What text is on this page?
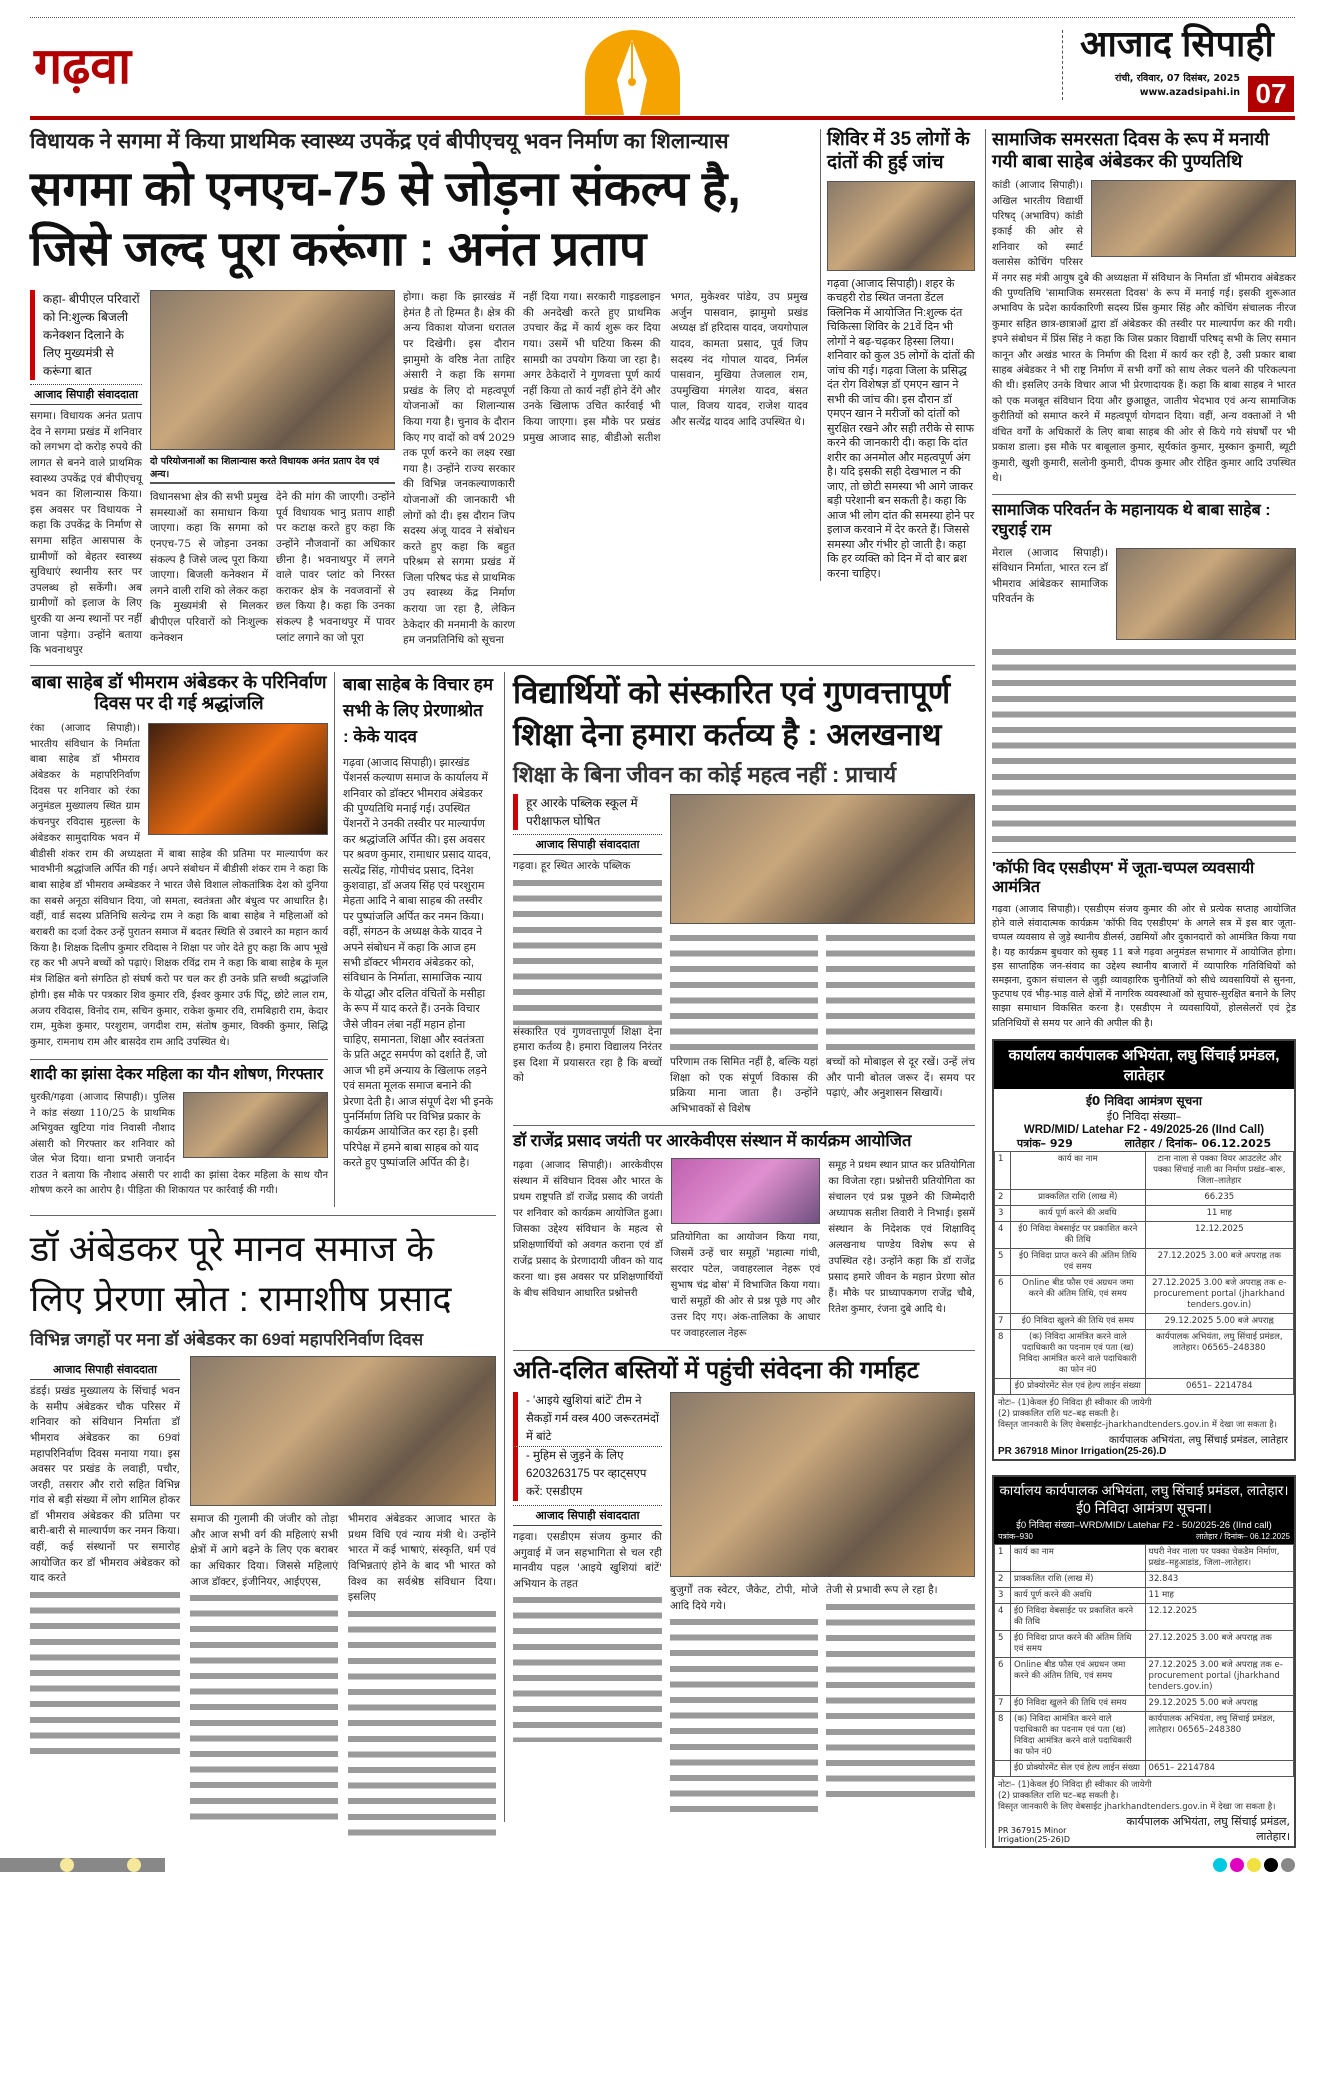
गढ़वा	आजाद सिपाही
रांची, रविवार, 07 दिसंबर, 2025
www.azadsipahi.in 07
विधायक ने सगमा में किया प्राथमिक स्वास्थ्य उपकेंद्र एवं बीपीएचयू भवन निर्माण का शिलान्यास
सगमा को एनएच-75 से जोड़ना संकल्प है, जिसे जल्द पूरा करूंगा : अनंत प्रताप
कहा- बीपीएल परिवारों को नि:शुल्क बिजली कनेक्शन दिलाने के लिए मुख्यमंत्री से करूंगा बात
आजाद सिपाही संवाददाता
सगमा। विधायक अनंत प्रताप देव ने सगमा प्रखंड में शनिवार को लगभग दो करोड़ रुपये की लागत से बनने वाले प्राथमिक स्वास्थ्य उपकेंद्र एवं बीपीएचयू भवन का शिलान्यास किया। इस अवसर पर विधायक ने कहा कि उपकेंद्र के निर्माण से सगमा सहित आसपास के ग्रामीणों को बेहतर स्वास्थ्य सुविधाएं स्थानीय स्तर पर उपलब्ध हो सकेंगी। अब ग्रामीणों को इलाज के लिए धुरकी या अन्य स्थानों पर नहीं जाना पड़ेगा। उन्होंने बताया कि भवनाथपुर
दो परियोजनाओं का शिलान्यास करते विधायक अनंत प्रताप देव एवं अन्य।
विधानसभा क्षेत्र की सभी प्रमुख समस्याओं का समाधान किया जाएगा। कहा कि सगमा को एनएच-75 से जोड़ना उनका संकल्प है जिसे जल्द पूरा किया जाएगा। बिजली कनेक्शन में लगने वाली राशि को लेकर कहा कि मुख्यमंत्री से मिलकर बीपीएल परिवारों को निःशुल्क कनेक्शन
देने की मांग की जाएगी। उन्होंने पूर्व विधायक भानु प्रताप शाही पर कटाक्ष करते हुए कहा कि उन्होंने नौजवानों का अधिकार छीना है। भवनाथपुर में लगने वाले पावर प्लांट को निरस्त कराकर क्षेत्र के नवजवानों से छल किया है। कहा कि उनका संकल्प है भवनाथपुर में पावर प्लांट लगाने का जो पूरा
होगा। कहा कि झारखंड में हेमंत है तो हिम्मत है। क्षेत्र की अन्य विकाश योजना धरातल पर दिखेगी। इस दौरान झामुमो के वरिष्ठ नेता ताहिर अंसारी ने कहा कि सगमा प्रखंड के लिए दो महत्वपूर्ण योजनाओं का शिलान्यास किया गया है। चुनाव के दौरान किए गए वादों को वर्ष 2029 तक पूर्ण करने का लक्ष्य रखा गया है। उन्होंने राज्य सरकार की विभिन्न जनकल्याणकारी योजनाओं की जानकारी भी लोगों को दी। इस दौरान जिप सदस्य अंजू यादव ने संबोधन करते हुए कहा कि बहुत परिश्रम से सगमा प्रखंड में जिला परिषद फंड से प्राथमिक उप स्वास्थ्य केंद्र निर्माण कराया जा रहा है, लेकिन ठेकेदार की मनमानी के कारण हम जनप्रतिनिधि को सूचना
नहीं दिया गया। सरकारी गाइडलाइन की अनदेखी करते हुए प्राथमिक उपचार केंद्र में कार्य शुरू कर दिया गया। उसमें भी घटिया किस्म की सामग्री का उपयोग किया जा रहा है। अगर ठेकेदारों ने गुणवत्ता पूर्ण कार्य नहीं किया तो कार्य नहीं होने देंगे और उनके खिलाफ उचित कार्रवाई भी किया जाएगा। इस मौके पर प्रखंड प्रमुख आजाद साह, बीडीओ सतीश भगत, मुकेश्वर पांडेय, उप प्रमुख अर्जुन पासवान, झामुमो प्रखंड अध्यक्ष डॉ हरिदास यादव, जयगोपाल यादव, कामता प्रसाद, पूर्व जिप सदस्य नंद गोपाल यादव, निर्मल पासवान, मुखिया तेजलाल राम, उपमुखिया मंगलेश यादव, बंसत पाल, विजय यादव, राजेश यादव और सत्येंद्र यादव आदि उपस्थित थे।
शिविर में 35 लोगों के दांतों की हुई जांच
गढ़वा (आजाद सिपाही)। शहर के कचहरी रोड स्थित जनता डेंटल क्लिनिक में आयोजित नि:शुल्क दंत चिकित्सा शिविर के 21वें दिन भी लोगों ने बढ़-चढ़कर हिस्सा लिया। शनिवार को कुल 35 लोगों के दांतों की जांच की गई। गढ़वा जिला के प्रसिद्ध दंत रोग विशेषज्ञ डॉ एमएन खान ने सभी की जांच की। इस दौरान डॉ एमएन खान ने मरीजों को दांतों को सुरक्षित रखने और सही तरीके से साफ करने की जानकारी दी। कहा कि दांत शरीर का अनमोल और महत्वपूर्ण अंग है। यदि इसकी सही देखभाल न की जाए, तो छोटी समस्या भी आगे जाकर बड़ी परेशानी बन सकती है। कहा कि आज भी लोग दांत की समस्या होने पर इलाज करवाने में देर करते हैं। जिससे समस्या और गंभीर हो जाती है। कहा कि हर व्यक्ति को दिन में दो बार ब्रश करना चाहिए।
बाबा साहेब डॉ भीमराम अंबेडकर के परिनिर्वाण दिवस पर दी गई श्रद्धांजलि
रंका (आजाद सिपाही)। भारतीय संविधान के निर्माता बाबा साहेब डॉ भीमराव अंबेडकर के महापरिनिर्वाण दिवस पर शनिवार को रंका अनुमंडल मुख्यालय स्थित ग्राम कंचनपुर रविदास मुहल्ला के अंबेडकर सामुदायिक भवन में बीडीसी शंकर राम की अध्यक्षता में बाबा साहेब की प्रतिमा पर माल्यार्पण कर भावभीनी श्रद्धांजलि अर्पित की गई। अपने संबोधन में बीडीसी शंकर राम ने कहा कि बाबा साहेब डॉ भीमराव अम्बेडकर ने भारत जैसे विशाल लोकतांत्रिक देश को दुनिया का सबसे अनूठा संविधान दिया, जो समता, स्वतंत्रता और बंधुत्व पर आधारित है। वहीं, वार्ड सदस्य प्रतिनिधि सत्येन्द्र राम ने कहा कि बाबा साहेब ने महिलाओं को बराबरी का दर्जा देकर उन्हें पुरातन समाज में बदतर स्थिति से उबारने का महान कार्य किया है। शिक्षक दिलीप कुमार रविदास ने शिक्षा पर जोर देते हुए कहा कि आप भूखे रह कर भी अपने बच्चों को पढ़ाएं। शिक्षक रविंद्र राम ने कहा कि बाबा साहेब के मूल मंत्र शिक्षित बनो संगठित हो संघर्ष करो पर चल कर ही उनके प्रति सच्ची श्रद्धांजलि होगी। इस मौके पर पत्रकार शिव कुमार रवि, ईश्वर कुमार उर्फ पिंटू, छोटे लाल राम, अजय रविदास, विनोद राम, सचिन कुमार, राकेश कुमार रवि, रामबिहारी राम, केदार राम, मुकेश कुमार, परशुराम, जगदीश राम, संतोष कुमार, विक्की कुमार, सिद्धि कुमार, रामनाथ राम और बासदेव राम आदि उपस्थित थे।
शादी का झांसा देकर महिला का यौन शोषण, गिरफ्तार
धुरकी/गढ़वा (आजाद सिपाही)। पुलिस ने कांड संख्या 110/25 के प्राथमिक अभियुक्त खुटिया गांव निवासी नौशाद अंसारी को गिरफ्तार कर शनिवार को जेल भेज दिया। थाना प्रभारी जनार्दन राउत ने बताया कि नौशाद अंसारी पर शादी का झांसा देकर महिला के साथ यौन शोषण करने का आरोप है। पीड़िता की शिकायत पर कार्रवाई की गयी।
बाबा साहेब के विचार हम सभी के लिए प्रेरणाश्रोत : केके यादव
गढ़वा (आजाद सिपाही)। झारखंड पेंशनर्स कल्याण समाज के कार्यालय में शनिवार को डॉक्टर भीमराव अंबेडकर की पुण्यतिथि मनाई गई। उपस्थित पेंशनरों ने उनकी तस्वीर पर माल्यार्पण कर श्रद्धांजलि अर्पित की। इस अवसर पर श्रवण कुमार, रामाधार प्रसाद यादव, सत्येंद्र सिंह, गोपीचंद प्रसाद, दिनेश कुशवाहा, डॉ अजय सिंह एवं परशुराम मेहता आदि ने बाबा साहब की तस्वीर पर पुष्पांजलि अर्पित कर नमन किया। वहीं, संगठन के अध्यक्ष केके यादव ने अपने संबोधन में कहा कि आज हम सभी डॉक्टर भीमराव अंबेडकर को, संविधान के निर्माता, सामाजिक न्याय के योद्धा और दलित वंचितों के मसीहा के रूप में याद करते हैं। उनके विचार जैसे जीवन लंबा नहीं महान होना चाहिए, समानता, शिक्षा और स्वतंत्रता के प्रति अटूट समर्पण को दर्शाते हैं, जो आज भी हमें अन्याय के खिलाफ लड़ने एवं समता मूलक समाज बनाने की प्रेरणा देती है। आज संपूर्ण देश भी इनके पुनर्निर्माण तिथि पर विभिन्न प्रकार के कार्यक्रम आयोजित कर रहा है। इसी परिपेक्ष में हमने बाबा साहब को याद करते हुए पुष्पांजलि अर्पित की है।
डॉ अंबेडकर पूरे मानव समाज के लिए प्रेरणा स्रोत : रामाशीष प्रसाद
विभिन्न जगहों पर मना डॉ अंबेडकर का 69वां महापरिनिर्वाण दिवस
आजाद सिपाही संवाददाता
डंडई। प्रखंड मुख्यालय के सिंचाई भवन के समीप अंबेडकर चौक परिसर में शनिवार को संविधान निर्माता डॉ भीमराव अंबेडकर का 69वां महापरिनिर्वाण दिवस मनाया गया। इस अवसर पर प्रखंड के लवाही, पचौर, जरही, तसरार और रारो सहित विभिन्न गांव से बड़ी संख्या में लोग शामिल होकर डॉ भीमराव अंबेडकर की प्रतिमा पर बारी-बारी से माल्यार्पण कर नमन किया। वहीं, कई संस्थानों पर समारोह आयोजित कर डॉ भीमराव अंबेडकर को याद करते
समाज की गुलामी की जंजीर को तोड़ा और आज सभी वर्ग की महिलाएं सभी क्षेत्रों में आगे बढ़ने के लिए एक बराबर का अधिकार दिया। जिससे महिलाएं आज डॉक्टर, इंजीनियर, आईएएस,
भीमराव अंबेडकर आजाद भारत के प्रथम विधि एवं न्याय मंत्री थे। उन्होंने भारत में कई भाषाएं, संस्कृति, धर्म एवं विभिन्नताएं होने के बाद भी भारत को विश्व का सर्वश्रेष्ठ संविधान दिया। इसलिए
विद्यार्थियों को संस्कारित एवं गुणवत्तापूर्ण शिक्षा देना हमारा कर्तव्य है : अलखनाथ
शिक्षा के बिना जीवन का कोई महत्व नहीं : प्राचार्य
हूर आरके पब्लिक स्कूल में परीक्षाफल घोषित
आजाद सिपाही संवाददाता
गढ़वा। हूर स्थित आरके पब्लिक
संस्कारित एवं गुणवत्तापूर्ण शिक्षा देना हमारा कर्तव्य है। हमारा विद्यालय निरंतर इस दिशा में प्रयासरत रहा है कि बच्चों को
परिणाम तक सिमित नहीं है, बल्कि यहां शिक्षा को एक संपूर्ण विकास की प्रक्रिया माना जाता है। उन्होंने अभिभावकों से विशेष
बच्चों को मोबाइल से दूर रखें। उन्हें लंच और पानी बोतल जरूर दें। समय पर पढ़ाएं, और अनुशासन सिखायें।
डॉ राजेंद्र प्रसाद जयंती पर आरकेवीएस संस्थान में कार्यक्रम आयोजित
गढ़वा (आजाद सिपाही)। आरकेवीएस संस्थान में संविधान दिवस और भारत के प्रथम राष्ट्रपति डॉ राजेंद्र प्रसाद की जयंती पर शनिवार को कार्यक्रम आयोजित हुआ। जिसका उद्देश्य संविधान के महत्व से प्रशिक्षणार्थियों को अवगत कराना एवं डॉ राजेंद्र प्रसाद के प्रेरणादायी जीवन को याद करना था। इस अवसर पर प्रशिक्षणार्थियों के बीच संविधान आधारित प्रश्नोत्तरी
प्रतियोगिता का आयोजन किया गया, जिसमें उन्हें चार समूहों 'महात्मा गांधी, सरदार पटेल, जवाहरलाल नेहरू एवं सुभाष चंद्र बोस' में विभाजित किया गया। चारों समूहों की ओर से प्रश्न पूछे गए और उत्तर दिए गए। अंक-तालिका के आधार पर जवाहरलाल नेहरू
समूह ने प्रथम स्थान प्राप्त कर प्रतियोगिता का विजेता रहा। प्रश्नोत्तरी प्रतियोगिता का संचालन एवं प्रश्न पूछने की जिम्मेदारी अध्यापक सतीश तिवारी ने निभाई। इसमें संस्थान के निदेशक एवं शिक्षाविद् अलखनाथ पाण्डेय विशेष रूप से उपस्थित रहे। उन्होंने कहा कि डॉ राजेंद्र प्रसाद हमारे जीवन के महान प्रेरणा स्रोत हैं। मौके पर प्राध्यापकगण राजेंद्र चौबे, रितेश कुमार, रंजना दुबे आदि थे।
अति-दलित बस्तियों में पहुंची संवेदना की गर्माहट
- 'आइये खुशियां बांटें' टीम ने सैकड़ों गर्म वस्त्र 400 जरूरतमंदों में बांटे
- मुहिम से जुड़ने के लिए 6203263175 पर व्हाट्सएप करें: एसडीएम
आजाद सिपाही संवाददाता
गढ़वा। एसडीएम संजय कुमार की अगुवाई में जन सहभागिता से चल रही मानवीय पहल 'आइये खुशियां बांटें' अभियान के तहत
बुजुर्गों तक स्वेटर, जैकेट, टोपी, मोजे आदि दिये गये।
तेजी से प्रभावी रूप ले रहा है।
सामाजिक समरसता दिवस के रूप में मनायी गयी बाबा साहेब अंबेडकर की पुण्यतिथि
कांडी (आजाद सिपाही)। अखिल भारतीय विद्यार्थी परिषद् (अभाविप) कांडी इकाई की ओर से शनिवार को स्मार्ट क्लासेस कोचिंग परिसर में नगर सह मंत्री आयुष दुबे की अध्यक्षता में संविधान के निर्माता डॉ भीमराव अंबेडकर की पुण्यतिथि 'सामाजिक समरसता दिवस' के रूप में मनाई गई। इसकी शुरूआत अभाविप के प्रदेश कार्यकारिणी सदस्य प्रिंस कुमार सिंह और कोचिंग संचालक नीरज कुमार सहित छात्र-छात्राओं द्वारा डॉ अंबेडकर की तस्वीर पर माल्यार्पण कर की गयी। इपने संबोधन में प्रिंस सिंह ने कहा कि जिस प्रकार विद्यार्थी परिषद् सभी के लिए समान कानून और अखंड भारत के निर्माण की दिशा में कार्य कर रही है, उसी प्रकार बाबा साहब अंबेडकर ने भी राष्ट्र निर्माण में सभी वर्गों को साथ लेकर चलने की परिकल्पना की थी। इसलिए उनके विचार आज भी प्रेरणादायक हैं। कहा कि बाबा साहब ने भारत को एक मजबूत संविधान दिया और छुआछूत, जातीय भेदभाव एवं अन्य सामाजिक कुरीतियों को समाप्त करने में महत्वपूर्ण योगदान दिया। वहीं, अन्य वक्ताओं ने भी वंचित वर्गों के अधिकारों के लिए बाबा साहब की ओर से किये गये संघर्षों पर भी प्रकाश डाला। इस मौके पर बाबूलाल कुमार, सूर्यकांत कुमार, मुस्कान कुमारी, ब्यूटी कुमारी, खुशी कुमारी, सलोनी कुमारी, दीपक कुमार और रोहित कुमार आदि उपस्थित थे।
सामाजिक परिवर्तन के महानायक थे बाबा साहेब : रघुराई राम
मेराल (आजाद सिपाही)। संविधान निर्माता, भारत रत्न डॉ भीमराव आंबेडकर सामाजिक परिवर्तन के
'कॉफी विद एसडीएम' में जूता-चप्पल व्यवसायी आमंत्रित
गढ़वा (आजाद सिपाही)। एसडीएम संजय कुमार की ओर से प्रत्येक सप्ताह आयोजित होने वाले संवादात्मक कार्यक्रम 'कॉफी विद एसडीएम' के अगले सत्र में इस बार जूता-चप्पल व्यवसाय से जुड़े स्थानीय डीलर्स, उद्यमियों और दुकानदारों को आमंत्रित किया गया है। यह कार्यक्रम बुधवार को सुबह 11 बजे गढ़वा अनुमंडल सभागार में आयोजित होगा। इस साप्ताहिक जन-संवाद का उद्देश्य स्थानीय बाजारों में व्यापारिक गतिविधियों को समझना, दुकान संचालन से जुड़ी व्यावहारिक चुनौतियों को सीधे व्यवसायियों से सुनना, फुटपाथ एवं भीड़-भाड़ वाले क्षेत्रों में नागरिक व्यवस्थाओं को सुचारु-सुरक्षित बनाने के लिए साझा समाधान विकसित करना है। एसडीएम ने व्यवसायियों, होलसेलरों एवं ट्रेड प्रतिनिधियों से समय पर आने की अपील की है।
कार्यालय कार्यपालक अभियंता, लघु सिंचाई प्रमंडल, लातेहार
ई0 निविदा आमंत्रण सूचना
ई0 निविदा संख्या–
WRD/MID/ Latehar F2 - 49/2025-26 (IInd Call)
पत्रांक– 929	लातेहार / दिनांक– 06.12.2025
1	कार्य का नाम	टाना नाला से पक्का वियर आउटलेट और पक्का सिंचाई नाली का निर्माण प्रखंड–बारू, जिला–लातेहार
2	प्राक्कलित राशि (लाख में)	66.235
3	कार्य पूर्ण करने की अवधि	11 माह
4	ई0 निविदा वेबसाईट पर प्रकाशित करने की तिथि	12.12.2025
5	ई0 निविदा प्राप्त करने की अंतिम तिथि एवं समय	27.12.2025 3.00 बजे अपराह्न तक
6	Online बीड फौस एवं अग्रधन जमा करने की अंतिम तिथि, एवं समय	27.12.2025 3.00 बजे अपराह्न तक e-procurement portal (jharkhand tenders.gov.in)
7	ई0 निविदा खुलने की तिथि एवं समय	29.12.2025 5.00 बजे अपराह्न
8	(क) निविदा आमंत्रित करने वाले पदाधिकारी का पदनाम एवं पता (ख) निविदा आमंत्रित करने वाले पदाधिकारी का फोन नं0	कार्यपालक अभियंता, लघु सिंचाई प्रमंडल, लातेहार। 06565–248380
	ई0 प्रोक्योरमेंट सेल एवं हेल्प लाईन संख्या	0651– 2214784
नोटः– (1)केवल ई0 निविदा ही स्वीकार की जायेगी
(2) प्राक्कलित राशि घट–बढ़ सकती है।
विस्तृत जानकारी के लिए वेबसाईट–jharkhandtenders.gov.in में देखा जा सकता है।
कार्यपालक अभियंता, लघु सिंचाई प्रमंडल, लातेहार
PR 367918 Minor Irrigation(25-26).D
कार्यालय कार्यपालक अभियंता, लघु सिंचाई प्रमंडल, लातेहार।
ई0 निविदा आमंत्रण सूचना।
ई0 निविदा संख्या–WRD/MID/ Latehar F2 - 50/2025-26 (IInd call)
पत्रांक–930	लातेहार / दिनांक– 06.12.2025
1	कार्य का नाम	घघरी नेवर नाला पर पक्का चेकडैम निर्माण, प्रखंड–महुआडांड, जिला–लातेहार।
2	प्राक्कलित राशि (लाख में)	32.843
3	कार्य पूर्ण करने की अवधि	11 माह
4	ई0 निविदा वेबसाईट पर प्रकाशित करने की तिथि	12.12.2025
5	ई0 निविदा प्राप्त करने की अंतिम तिथि एवं समय	27.12.2025 3.00 बजे अपराह्न तक
6	Online बीड फौस एवं अग्रधन जमा करने की अंतिम तिथि, एवं समय	27.12.2025 3.00 बजे अपराह्न तक e-procurement portal (jharkhand tenders.gov.in)
7	ई0 निविदा खुलने की तिथि एवं समय	29.12.2025 5.00 बजे अपराह्न
8	(क) निविदा आमंत्रित करने वाले पदाधिकारी का पदनाम एवं पता (ख) निविदा आमंत्रित करने वाले पदाधिकारी का फोन नं0	कार्यपालक अभियंता, लघु सिंचाई प्रमंडल, लातेहार। 06565–248380
	ई0 प्रोक्योरमेंट सेल एवं हेल्प लाईन संख्या	0651– 2214784
नोटः– (1)केवल ई0 निविदा ही स्वीकार की जायेगी
(2) प्राक्कलित राशि घट–बढ़ सकती है।
विस्तृत जानकारी के लिए वेबसाईट jharkhandtenders.gov.in में देखा जा सकता है।
PR 367915 Minor Irrigation(25-26)D
कार्यपालक अभियंता, लघु सिंचाई प्रमंडल, लातेहार।
